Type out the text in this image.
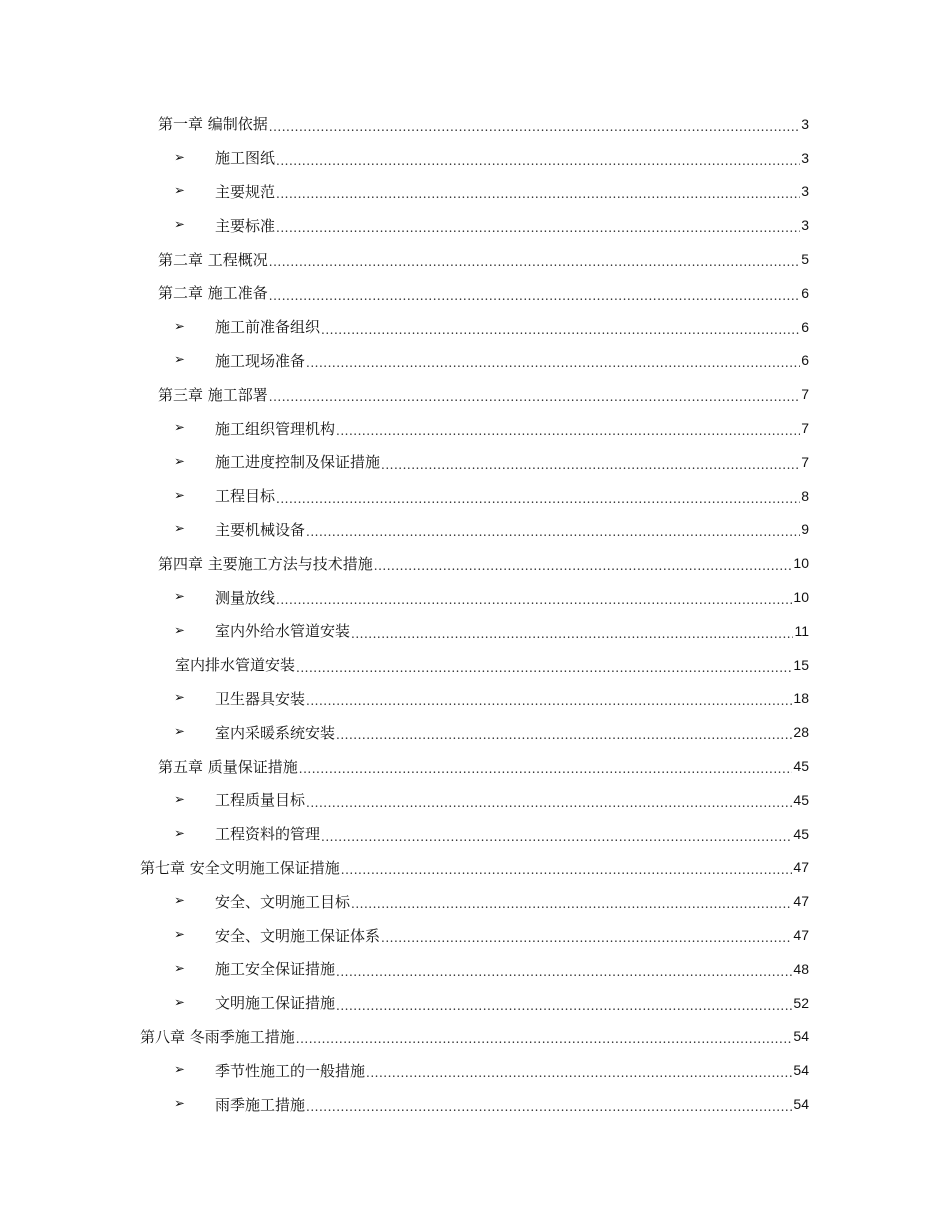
第一章 编制依据 .....	3
➢ 施工图纸 .....	3
➢ 主要规范 .....	3
➢ 主要标准 .....	3
第二章 工程概况 .....	5
第二章 施工准备 .....	6
➢ 施工前准备组织 .....	6
➢ 施工现场准备 .....	6
第三章 施工部署 .....	7
➢ 施工组织管理机构 .....	7
➢ 施工进度控制及保证措施 .....	7
➢ 工程目标 .....	8
➢ 主要机械设备 .....	9
第四章 主要施工方法与技术措施 .....	10
➢ 测量放线 .....	10
➢ 室内外给水管道安装 .....	11
室内排水管道安装 .....	15
➢ 卫生器具安装 .....	18
➢ 室内采暖系统安装 .....	28
第五章 质量保证措施 .....	45
➢ 工程质量目标 .....	45
➢ 工程资料的管理 .....	45
第七章 安全文明施工保证措施 .....	47
➢ 安全、文明施工目标 .....	47
➢ 安全、文明施工保证体系 .....	47
➢ 施工安全保证措施 .....	48
➢ 文明施工保证措施 .....	52
第八章 冬雨季施工措施 .....	54
➢ 季节性施工的一般措施 .....	54
➢ 雨季施工措施 .....	54
